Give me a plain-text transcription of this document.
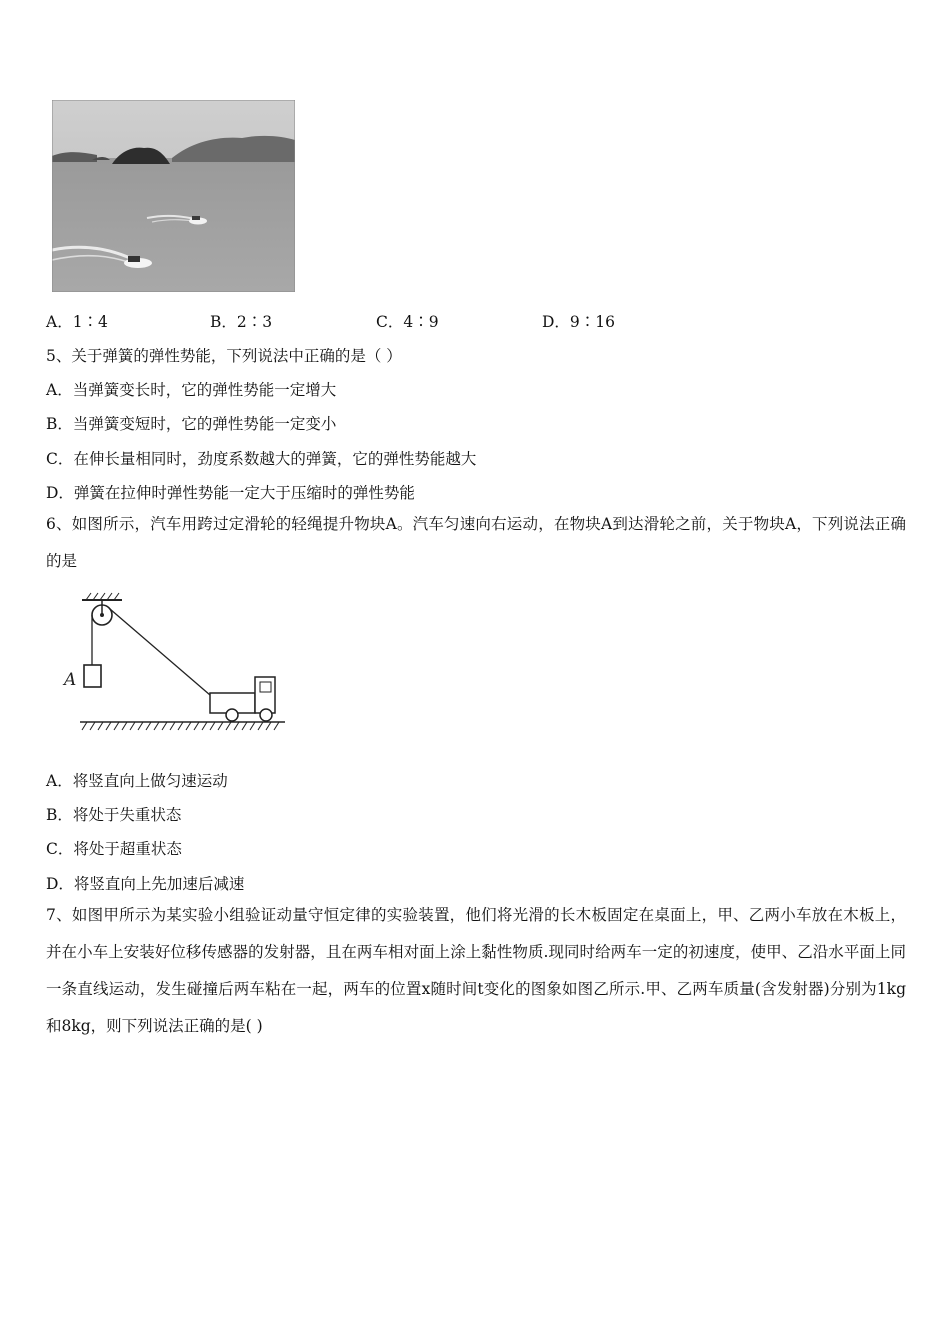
A．1∶4	B．2∶3	C．4∶9	D．9∶16
5、关于弹簧的弹性势能，下列说法中正确的是（ ）
A．当弹簧变长时，它的弹性势能一定增大
B．当弹簧变短时，它的弹性势能一定变小
C．在伸长量相同时，劲度系数越大的弹簧，它的弹性势能越大
D．弹簧在拉伸时弹性势能一定大于压缩时的弹性势能
6、如图所示，汽车用跨过定滑轮的轻绳提升物块A。汽车匀速向右运动，在物块A到达滑轮之前，关于物块A，下列说法正确的是
A
A．将竖直向上做匀速运动
B．将处于失重状态
C．将处于超重状态
D．将竖直向上先加速后减速
7、如图甲所示为某实验小组验证动量守恒定律的实验装置，他们将光滑的长木板固定在桌面上，甲、乙两小车放在木板上，并在小车上安装好位移传感器的发射器，且在两车相对面上涂上黏性物质.现同时给两车一定的初速度，使甲、乙沿水平面上同一条直线运动，发生碰撞后两车粘在一起，两车的位置x随时间t变化的图象如图乙所示.甲、乙两车质量(含发射器)分别为1kg和8kg，则下列说法正确的是( )
